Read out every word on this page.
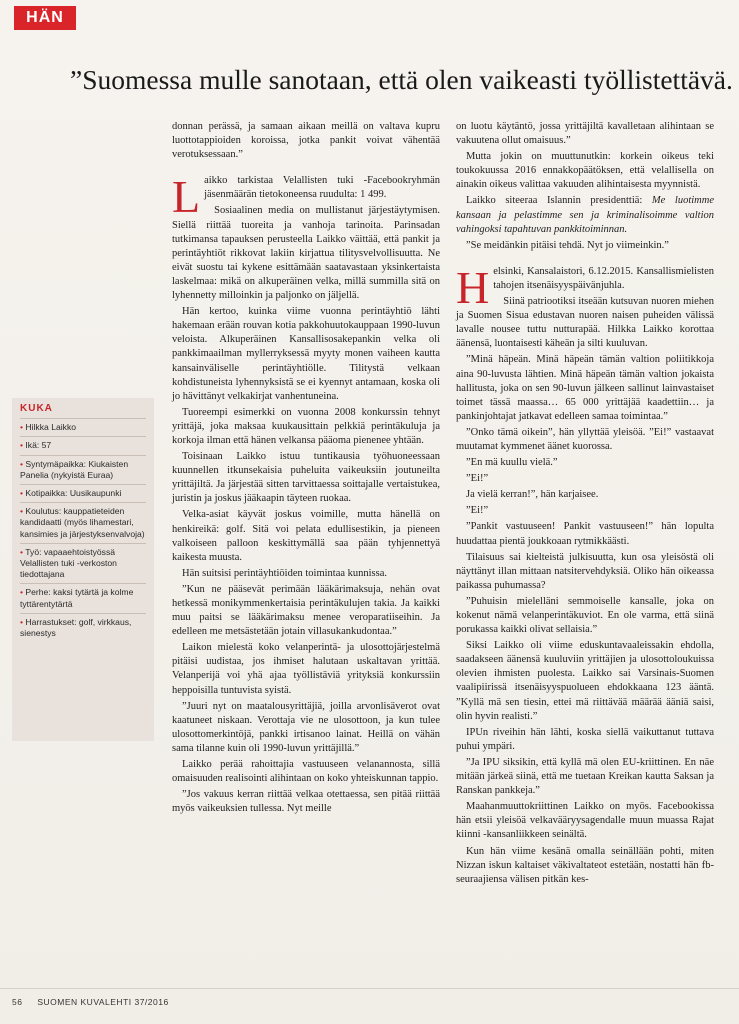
HÄN
”Suomessa mulle sanotaan, että olen vaikeasti työllistettävä.
KUKA
• Hilkka Laikko
• Ikä: 57
• Syntymäpaikka: Kiukaisten Panelia (nykyistä Euraa)
• Kotipaikka: Uusikaupunki
• Koulutus: kauppatieteiden kandidaatti (myös lihamestari, kansimies ja järjestyksenvalvoja)
• Työ: vapaaehtoistyössä Velallisten tuki -verkoston tiedottajana
• Perhe: kaksi tytärtä ja kolme tyttärentytärtä
• Harrastukset: golf, virkkaus, sienestys

donnan perässä, ja samaan aikaan meillä on valtava kupru luottotappioiden koroissa, jotka pankit voivat vähentää verotuksessaan.”

Laikko tarkistaa Velallisten tuki -Facebookryhmän jäsenmäärän tietokoneensa ruudulta: 1 499.

Sosiaalinen media on mullistanut järjestäytymisen. Siellä riittää tuoreita ja vanhoja tarinoita. Parinsadan tutkimansa tapauksen perusteella Laikko väittää, että pankit ja perintäyhtiöt rikkovat lakiin kirjattua tilitysvelvollisuutta. Ne eivät suostu tai kykene esittämään saatavastaan yksinkertaista laskelmaa: mikä on alkuperäinen velka, millä summilla sitä on lyhennetty milloinkin ja paljonko on jäljellä.

Hän kertoo, kuinka viime vuonna perintäyhtiö lähti hakemaan erään rouvan kotia pakkohuutokauppaan 1990-luvun veloista. Alkuperäinen Kansallisosakepankin velka oli pankkimaailman myllerryksessä myyty monen vaiheen kautta kansainväliselle perintäyhtiölle. Tilitystä velkaan kohdistuneista lyhennyksistä se ei kyennyt antamaan, koska oli jo hävittänyt velkakirjat vanhentuneina.

Tuoreempi esimerkki on vuonna 2008 konkurssin tehnyt yrittäjä, joka maksaa kuukausittain pelkkiä perintäkuluja ja korkoja ilman että hänen velkansa pääoma pienenee yhtään.

Toisinaan Laikko istuu tuntikausia työhuoneessaan kuunnellen itkunsekaisia puheluita vaikeuksiin joutuneilta yrittäjiltä. Ja järjestää sitten tarvittaessa soittajalle vertaistukea, juristin ja joskus jääkaapin täyteen ruokaa.

Velka-asiat käyvät joskus voimille, mutta hänellä on henkireikä: golf. Sitä voi pelata edullisestikin, ja pieneen valkoiseen palloon keskittymällä saa pään tyhjennettyä kaikesta muusta.

Hän suitsisi perintäyhtiöiden toimintaa kunnissa.

”Kun ne pääsevät perimään lääkärimaksuja, nehän ovat hetkessä monikymmenkertaisia perintäkulujen takia. Ja kaikki muu paitsi se lääkärimaksu menee veroparatiiseihin. Ja edelleen me metsästetään jotain villasukankudontaa.”

Laikon mielestä koko velanperintä- ja ulosottojärjestelmä pitäisi uudistaa, jos ihmiset halutaan uskaltavan yrittää. Velanperijä voi yhä ajaa työllistäviä yrityksiä konkurssiin heppoisilla tuntuvista syistä.

”Juuri nyt on maatalousyrittäjiä, joilla arvonlisäverot ovat kaatuneet niskaan. Verottaja vie ne ulosottoon, ja kun tulee ulosottomerkintöjä, pankki irtisanoo lainat. Heillä on vähän sama tilanne kuin oli 1990-luvun yrittäjillä.”

Laikko perää rahoittajia vastuuseen velanannosta, sillä omaisuuden realisointi alihintaan on koko yhteiskunnan tappio.

”Jos vakuus kerran riittää velkaa otettaessa, sen pitää riittää myös vaikeuksien tullessa. Nyt meille

on luotu käytäntö, jossa yrittäjiltä kavalletaan alihintaan se vakuutena ollut omaisuus.”

Mutta jokin on muuttunutkin: korkein oikeus teki toukokuussa 2016 ennakkopäätöksen, että velallisella on ainakin oikeus valittaa vakuuden alihintaisesta myynnistä.

Laikko siteeraa Islannin presidenttiä: Me luotimme kansaan ja pelastimme sen ja kriminalisoimme valtion vahingoksi tapahtuvan pankkitoiminnan.

”Se meidänkin pitäisi tehdä. Nyt jo viimeinkin.”

Helsinki, Kansalaistori, 6.12.2015. Kansallismielisten tahojen itsenäisyyspäivänjuhla.

Siinä patriootiksi itseään kutsuvan nuoren miehen ja Suomen Sisua edustavan nuoren naisen puheiden välissä lavalle nousee tuttu nutturapää. Hilkka Laikko korottaa äänensä, luontaisesti käheän ja silti kuuluvan.

”Minä häpeän. Minä häpeän tämän valtion poliitikkoja aina 90-luvusta lähtien. Minä häpeän tämän valtion jokaista hallitusta, joka on sen 90-luvun jälkeen sallinut lainvastaiset toimet tässä maassa… 65 000 yrittäjää kaadettiin… ja pankinjohtajat jatkavat edelleen samaa toimintaa.”

”Onko tämä oikein”, hän yllyttää yleisöä. ”Ei!” vastaavat muutamat kymmenet äänet kuorossa.

”En mä kuullu vielä.”

”Ei!”

Ja vielä kerran!”, hän karjaisee.

”Ei!”

”Pankit vastuuseen! Pankit vastuuseen!” hän lopulta huudattaa pientä joukkoaan rytmikkäästi.

Tilaisuus sai kielteistä julkisuutta, kun osa yleisöstä oli näyttänyt illan mittaan natsitervehdyksiä. Oliko hän oikeassa paikassa puhumassa?

”Puhuisin mielelläni semmoiselle kansalle, joka on kokenut nämä velanperintäkuviot. En ole varma, että siinä porukassa kaikki olivat sellaisia.”

Siksi Laikko oli viime eduskuntavaaleissakin ehdolla, saadakseen äänensä kuuluviin yrittäjien ja ulosottoloukuissa olevien ihmisten puolesta. Laikko sai Varsinais-Suomen vaalipiirissä itsenäisyyspuolueen ehdokkaana 123 ääntä. ”Kyllä mä sen tiesin, ettei mä riittävää määrää ääniä saisi, olin hyvin realisti.”

IPUn riveihin hän lähti, koska siellä vaikuttanut tuttava puhui ympäri.

”Ja IPU siksikin, että kyllä mä olen EU-kriittinen. En näe mitään järkeä siinä, että me tuetaan Kreikan kautta Saksan ja Ranskan pankkeja.”

Maahanmuuttokriittinen Laikko on myös. Facebookissa hän etsii yleisöä velkavääryysagendalle muun muassa Rajat kiinni -kansanliikkeen seinältä.

Kun hän viime kesänä omalla seinällään pohti, miten Nizzan iskun kaltaiset väkivaltateot estetään, nostatti hän fb-seuraajiensa välisen pitkän kes-

56 SUOMEN KUVALEHTI 37/2016
